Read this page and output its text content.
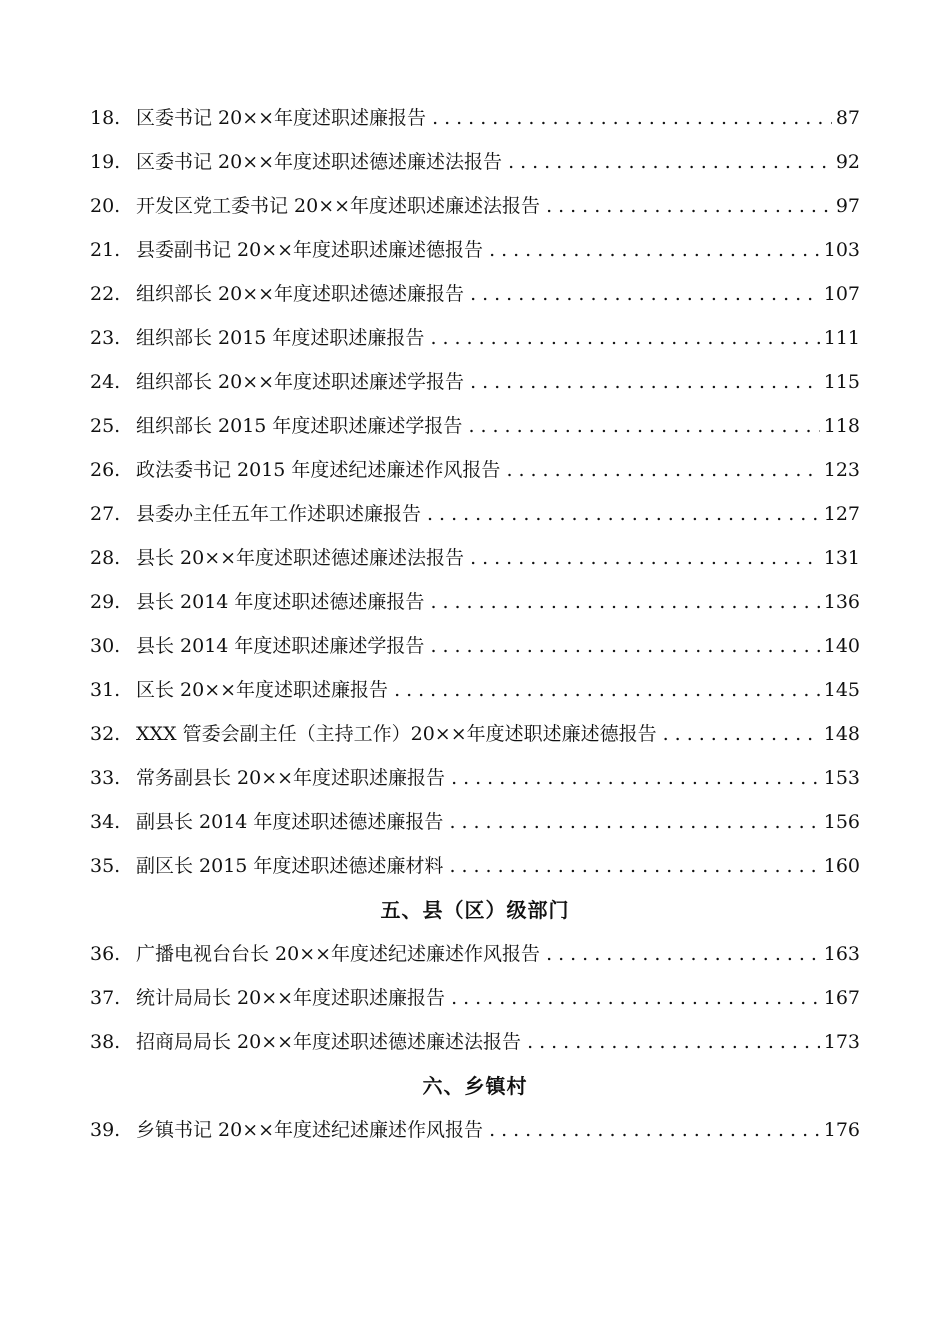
18. 区委书记 20××年度述职述廉报告 .....	87
19. 区委书记 20××年度述职述德述廉述法报告 .....	92
20. 开发区党工委书记 20××年度述职述廉述法报告 .....	97
21. 县委副书记 20××年度述职述廉述德报告 .....	103
22. 组织部长 20××年度述职述德述廉报告 .....	107
23. 组织部长 2015 年度述职述廉报告 .....	111
24. 组织部长 20××年度述职述廉述学报告 .....	115
25. 组织部长 2015 年度述职述廉述学报告 .....	118
26. 政法委书记 2015 年度述纪述廉述作风报告 .....	123
27. 县委办主任五年工作述职述廉报告 .....	127
28. 县长 20××年度述职述德述廉述法报告 .....	131
29. 县长 2014 年度述职述德述廉报告 .....	136
30. 县长 2014 年度述职述廉述学报告 .....	140
31. 区长 20××年度述职述廉报告 .....	145
32. XXX 管委会副主任（主持工作）20××年度述职述廉述德报告 .....	148
33. 常务副县长 20××年度述职述廉报告 .....	153
34. 副县长 2014 年度述职述德述廉报告 .....	156
35. 副区长 2015 年度述职述德述廉材料 .....	160
五、县（区）级部门
36. 广播电视台台长 20××年度述纪述廉述作风报告 .....	163
37. 统计局局长 20××年度述职述廉报告 .....	167
38. 招商局局长 20××年度述职述德述廉述法报告 .....	173
六、乡镇村
39. 乡镇书记 20××年度述纪述廉述作风报告 .....	176
